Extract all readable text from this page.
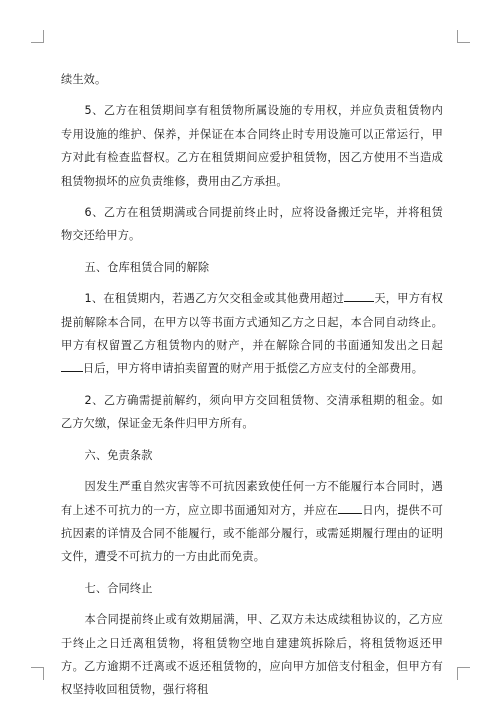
续生效。

5、乙方在租赁期间享有租赁物所属设施的专用权，并应负责租赁物内专用设施的维护、保养，并保证在本合同终止时专用设施可以正常运行，甲方对此有检查监督权。乙方在租赁期间应爱护租赁物，因乙方使用不当造成租赁物损坏的应负责维修，费用由乙方承担。

6、乙方在租赁期满或合同提前终止时，应将设备搬迁完毕，并将租赁物交还给甲方。

五、仓库租赁合同的解除

1、在租赁期内，若遇乙方欠交租金或其他费用超过	天，甲方有权提前解除本合同，在甲方以等书面方式通知乙方之日起，本合同自动终止。甲方有权留置乙方租赁物内的财产，并在解除合同的书面通知发出之日起日后，甲方将申请拍卖留置的财产用于抵偿乙方应支付的全部费用。

2、乙方确需提前解约，须向甲方交回租赁物、交清承租期的租金。如乙方欠缴，保证金无条件归甲方所有。

六、免责条款

因发生严重自然灾害等不可抗因素致使任何一方不能履行本合同时，遇有上述不可抗力的一方，应立即书面通知对方，并应在 日内，提供不可抗因素的详情及合同不能履行，或不能部分履行，或需延期履行理由的证明文件，遭受不可抗力的一方由此而免责。

七、合同终止

本合同提前终止或有效期届满，甲、乙双方未达成续租协议的，乙方应于终止之日迁离租赁物，将租赁物空地自建建筑拆除后，将租赁物返还甲方。乙方逾期不迁离或不返还租赁物的，应向甲方加倍支付租金，但甲方有权坚持收回租赁物，强行将租
